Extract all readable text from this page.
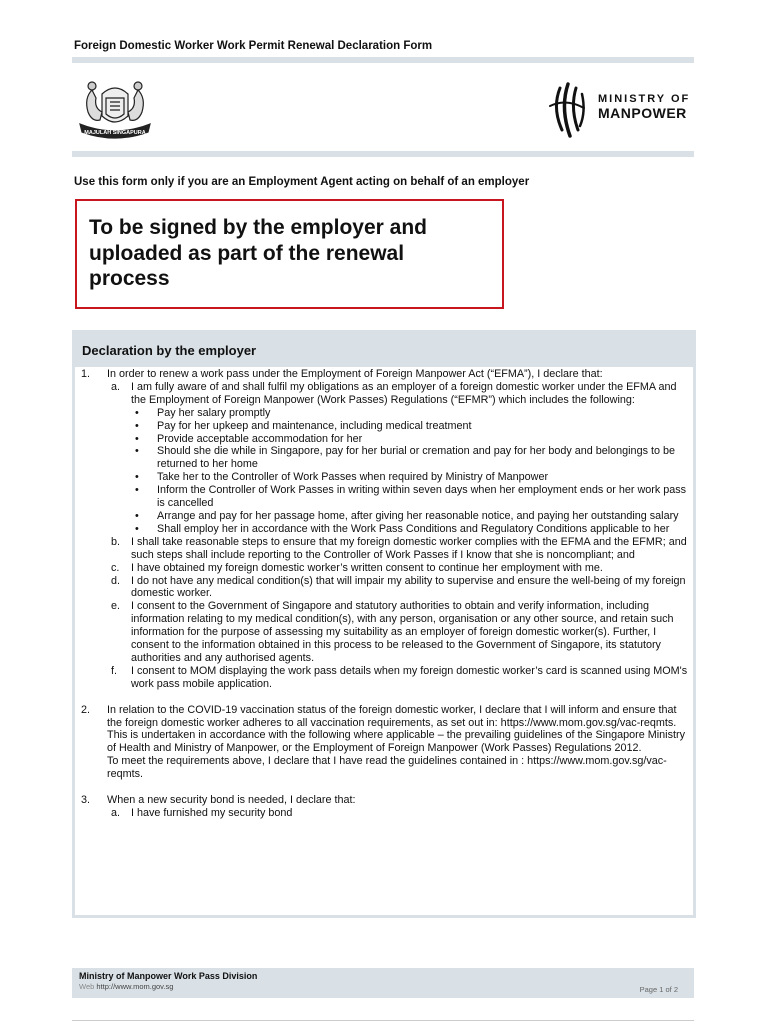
Foreign Domestic Worker Work Permit Renewal Declaration Form
MAJULAH SINGAPURA
MINISTRY OF
MANPOWER
Use this form only if you are an Employment Agent acting on behalf of an employer
To be signed by the employer and uploaded as part of the renewal process
Declaration by the employer
1.	In order to renew a work pass under the Employment of Foreign Manpower Act (“EFMA”), I declare that:
a.	I am fully aware of and shall fulfil my obligations as an employer of a foreign domestic worker under the EFMA and the Employment of Foreign Manpower (Work Passes) Regulations (“EFMR”) which includes the following:
•	Pay her salary promptly
•	Pay for her upkeep and maintenance, including medical treatment
•	Provide acceptable accommodation for her
•	Should she die while in Singapore, pay for her burial or cremation and pay for her body and belongings to be returned to her home
•	Take her to the Controller of Work Passes when required by Ministry of Manpower
•	Inform the Controller of Work Passes in writing within seven days when her employment ends or her work pass is cancelled
•	Arrange and pay for her passage home, after giving her reasonable notice, and paying her outstanding salary
•	Shall employ her in accordance with the Work Pass Conditions and Regulatory Conditions applicable to her
b.	I shall take reasonable steps to ensure that my foreign domestic worker complies with the EFMA and the EFMR; and such steps shall include reporting to the Controller of Work Passes if I know that she is noncompliant; and
c.	I have obtained my foreign domestic worker’s written consent to continue her employment with me.
d.	I do not have any medical condition(s) that will impair my ability to supervise and ensure the well-being of my foreign domestic worker.
e.	I consent to the Government of Singapore and statutory authorities to obtain and verify information, including information relating to my medical condition(s), with any person, organisation or any other source, and retain such information for the purpose of assessing my suitability as an employer of foreign domestic worker(s). Further, I consent to the information obtained in this process to be released to the Government of Singapore, its statutory authorities and any authorised agents.
f.	I consent to MOM displaying the work pass details when my foreign domestic worker’s card is scanned using MOM's work pass mobile application.
2.	In relation to the COVID-19 vaccination status of the foreign domestic worker, I declare that I will inform and ensure that the foreign domestic worker adheres to all vaccination requirements, as set out in: https://www.mom.gov.sg/vac-reqmts.
This is undertaken in accordance with the following where applicable – the prevailing guidelines of the Singapore Ministry of Health and Ministry of Manpower, or the Employment of Foreign Manpower (Work Passes) Regulations 2012.
To meet the requirements above, I declare that I have read the guidelines contained in : https://www.mom.gov.sg/vac-reqmts.
3.	When a new security bond is needed, I declare that:
a.	I have furnished my security bond
Ministry of Manpower Work Pass Division
Web http://www.mom.gov.sg	Page 1 of 2
